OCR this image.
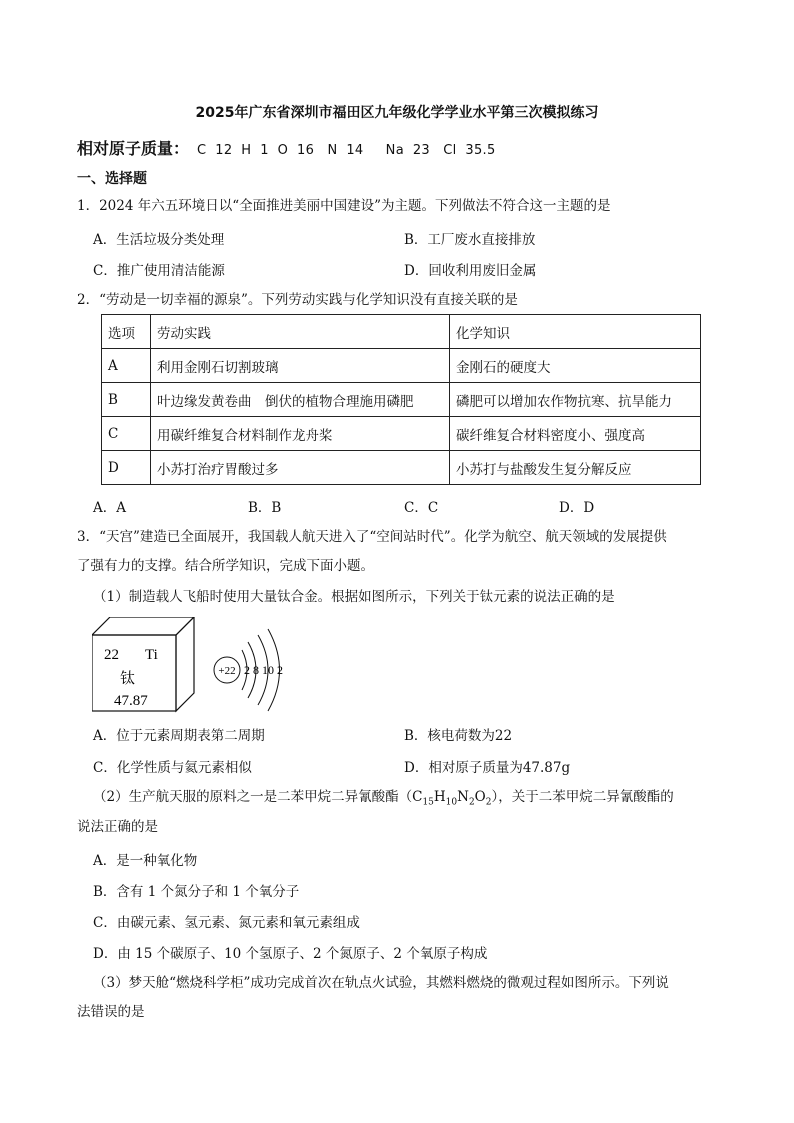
2025年广东省深圳市福田区九年级化学学业水平第三次模拟练习
相对原子质量： C  12  H  1  O  16   N  14     Na  23   Cl  35.5
一、选择题
1．2024 年六五环境日以“全面推进美丽中国建设”为主题。下列做法不符合这一主题的是
A．生活垃圾分类处理	B．工厂废水直接排放
C．推广使用清洁能源	D．回收利用废旧金属
2．“劳动是一切幸福的源泉”。下列劳动实践与化学知识没有直接关联的是
选项	劳动实践	化学知识
A	利用金刚石切割玻璃	金刚石的硬度大
B	叶边缘发黄卷曲　倒伏的植物合理施用磷肥	磷肥可以增加农作物抗寒、抗旱能力
C	用碳纤维复合材料制作龙舟桨	碳纤维复合材料密度小、强度高
D	小苏打治疗胃酸过多	小苏打与盐酸发生复分解反应
A．A	B．B	C．C	D．D
3．“天宫”建造已全面展开，我国载人航天进入了“空间站时代”。化学为航空、航天领域的发展提供
了强有力的支撑。结合所学知识，完成下面小题。
（1）制造载人飞船时使用大量钛合金。根据如图所示，下列关于钛元素的说法正确的是
22 Ti
钛
47.87
+22 2 8 10 2
A．位于元素周期表第二周期	B．核电荷数为22
C．化学性质与氦元素相似	D．相对原子质量为47.87g
（2）生产航天服的原料之一是二苯甲烷二异氰酸酯$(C_{15}H_{10}N_2O_2)$，关于二苯甲烷二异氰酸酯的
说法正确的是
A．是一种氧化物
B．含有 1 个氮分子和 1 个氧分子
C．由碳元素、氢元素、氮元素和氧元素组成
D．由 15 个碳原子、10 个氢原子、2 个氮原子、2 个氧原子构成
（3）梦天舱“燃烧科学柜”成功完成首次在轨点火试验，其燃料燃烧的微观过程如图所示。下列说
法错误的是
